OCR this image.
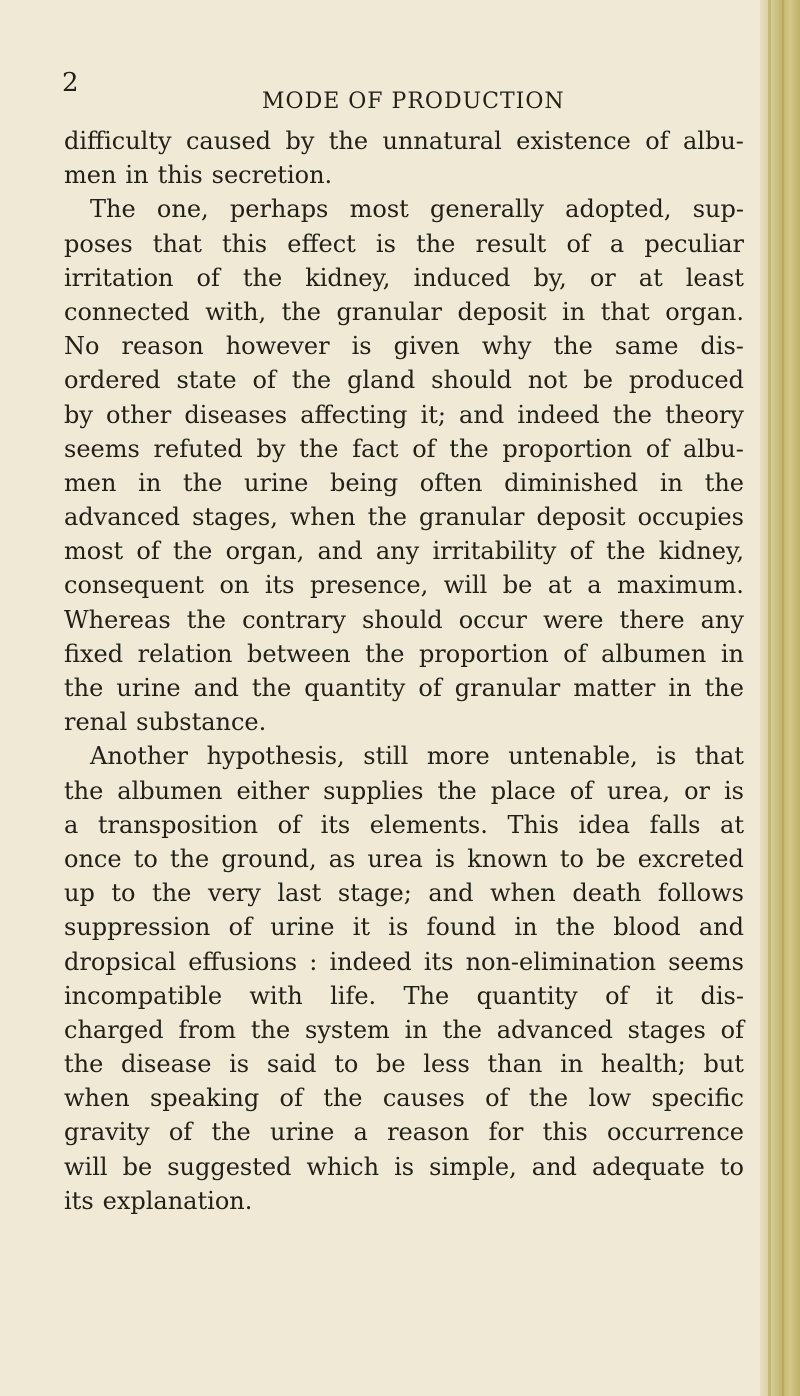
2
MODE OF PRODUCTION
difficulty caused by the unnatural existence of albu-
men in this secretion.
The one, perhaps most generally adopted, sup-
poses that this effect is the result of a peculiar
irritation of the kidney, induced by, or at least
connected with, the granular deposit in that organ.
No reason however is given why the same dis-
ordered state of the gland should not be produced
by other diseases affecting it; and indeed the theory
seems refuted by the fact of the proportion of albu-
men in the urine being often diminished in the
advanced stages, when the granular deposit occupies
most of the organ, and any irritability of the kidney,
consequent on its presence, will be at a maximum.
Whereas the contrary should occur were there any
fixed relation between the proportion of albumen in
the urine and the quantity of granular matter in the
renal substance.
Another hypothesis, still more untenable, is that
the albumen either supplies the place of urea, or is
a transposition of its elements. This idea falls at
once to the ground, as urea is known to be excreted
up to the very last stage; and when death follows
suppression of urine it is found in the blood and
dropsical effusions : indeed its non-elimination seems
incompatible with life. The quantity of it dis-
charged from the system in the advanced stages of
the disease is said to be less than in health; but
when speaking of the causes of the low specific
gravity of the urine a reason for this occurrence
will be suggested which is simple, and adequate to
its explanation.
